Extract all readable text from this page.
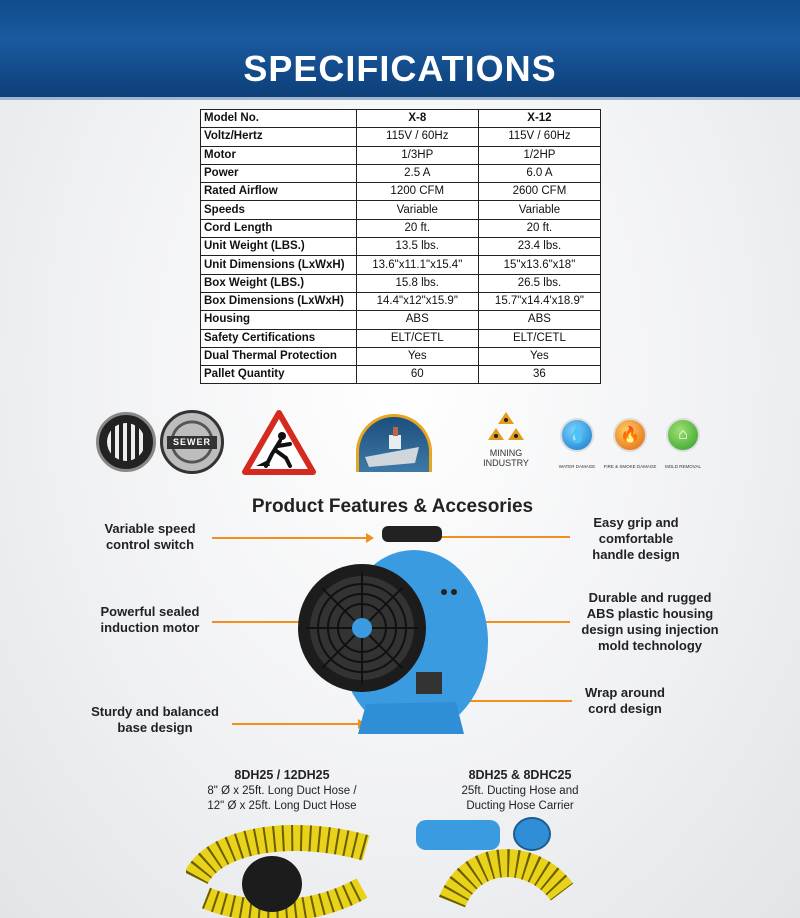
SPECIFICATIONS
Model No.	X-8	X-12
Voltz/Hertz	115V / 60Hz	115V / 60Hz
Motor	1/3HP	1/2HP
Power	2.5 A	6.0 A
Rated Airflow	1200 CFM	2600 CFM
Speeds	Variable	Variable
Cord Length	20 ft.	20 ft.
Unit Weight (LBS.)	13.5 lbs.	23.4 lbs.
Unit Dimensions (LxWxH)	13.6"x11.1"x15.4"	15"x13.6"x18"
Box Weight (LBS.)	15.8 lbs.	26.5 lbs.
Box Dimensions (LxWxH)	14.4"x12"x15.9"	15.7"x14.4'x18.9"
Housing	ABS	ABS
Safety Certifications	ELT/CETL	ELT/CETL
Dual Thermal Protection	Yes	Yes
Pallet Quantity	60	36
SEWER
MINING INDUSTRY
💧
WATER DAMAGE
🔥
FIRE & SMOKE DAMAGE
⌂
MOLD REMOVAL
Product Features & Accesories
Variable speed control switch
Easy grip and comfortable handle design
Powerful sealed induction motor
Durable and rugged ABS plastic housing design using injection mold technology
Sturdy and balanced base design
Wrap around cord design
8DH25 / 12DH25
8" Ø x 25ft. Long Duct Hose /
12" Ø x 25ft. Long Duct Hose
8DH25 & 8DHC25
25ft. Ducting Hose and
Ducting Hose Carrier
